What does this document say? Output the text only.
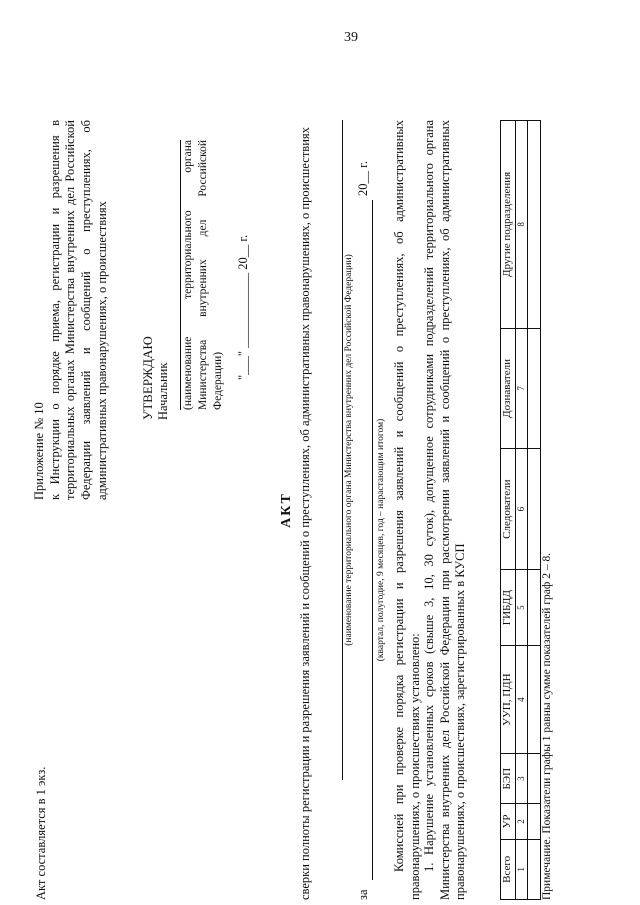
39
Приложение № 10 к Инструкции о порядке приема, регистрации и разрешения в территориальных органах Министерства внутренних дел Российской Федерации заявлений и сообщений о преступлениях, об административных правонарушениях, о происшествиях УТВЕРЖДАЮ Начальник (наименование территориального органа Министерства внутренних дел Российской Федерации)
"___" ____________ 20__ г.
Акт составляется в 1 экз.
АКТ сверки полноты регистрации и разрешения заявлений и сообщений о преступлениях, об административных правонарушениях, о происшествиях	(наименование территориального органа Министерства внутренних дел Российской Федерации)
за
20__ г.
(квартал, полугодие, 9 месяцев, год – нарастающим итогом) Комиссией при проверке порядка регистрации и разрешения заявлений и сообщений о преступлениях, об административных правонарушениях, о происшествиях установлено: 1. Нарушение установленных сроков (свыше 3, 10, 30 суток), допущенное сотрудниками подразделений территориального органа Министерства внутренних дел Российской Федерации при рассмотрении заявлений и сообщений о преступлениях, об административных правонарушениях, о происшествиях, зарегистрированных в КУСП	Всего	УР	БЭП	УУП, ПДН	ГИБДД	Следователи	Дознаватели	Другие подразделения
1	2	3	4	5	6	7	8

Примечание. Показатели графы 1 равны сумме показателей граф 2 – 8.
